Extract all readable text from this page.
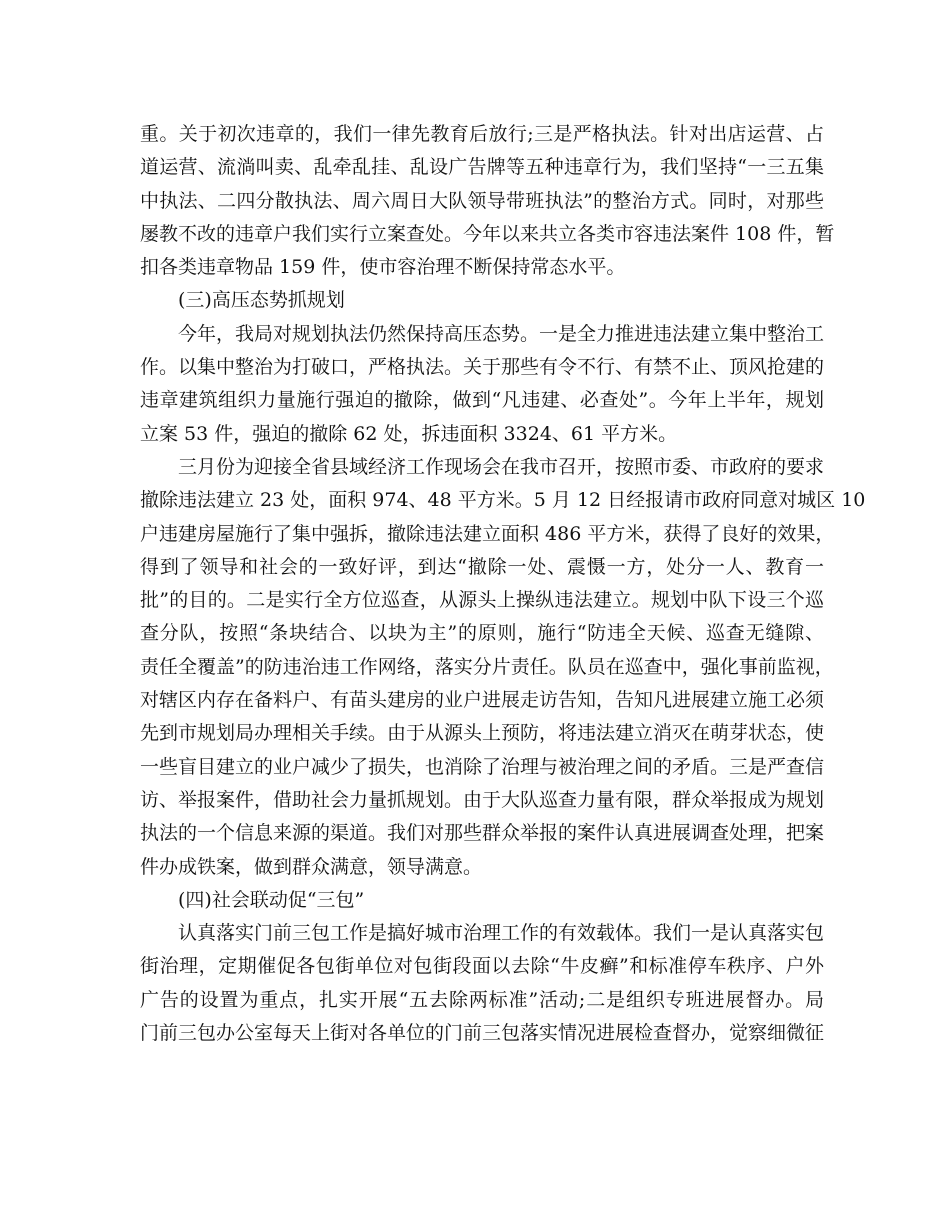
重。关于初次违章的，我们一律先教育后放行;三是严格执法。针对出店运营、占
道运营、流淌叫卖、乱牵乱挂、乱设广告牌等五种违章行为，我们坚持“一三五集
中执法、二四分散执法、周六周日大队领导带班执法”的整治方式。同时，对那些
屡教不改的违章户我们实行立案查处。今年以来共立各类市容违法案件 108 件，暂
扣各类违章物品 159 件，使市容治理不断保持常态水平。
(三)高压态势抓规划
今年，我局对规划执法仍然保持高压态势。一是全力推进违法建立集中整治工
作。以集中整治为打破口，严格执法。关于那些有令不行、有禁不止、顶风抢建的
违章建筑组织力量施行强迫的撤除，做到“凡违建、必查处”。今年上半年，规划
立案 53 件，强迫的撤除 62 处，拆违面积 3324、61 平方米。
三月份为迎接全省县域经济工作现场会在我市召开，按照市委、市政府的要求
撤除违法建立 23 处，面积 974、48 平方米。5 月 12 日经报请市政府同意对城区 10
户违建房屋施行了集中强拆，撤除违法建立面积 486 平方米，获得了良好的效果，
得到了领导和社会的一致好评，到达“撤除一处、震慑一方，处分一人、教育一
批”的目的。二是实行全方位巡查，从源头上操纵违法建立。规划中队下设三个巡
查分队，按照“条块结合、以块为主”的原则，施行“防违全天候、巡查无缝隙、
责任全覆盖”的防违治违工作网络，落实分片责任。队员在巡查中，强化事前监视，
对辖区内存在备料户、有苗头建房的业户进展走访告知，告知凡进展建立施工必须
先到市规划局办理相关手续。由于从源头上预防，将违法建立消灭在萌芽状态，使
一些盲目建立的业户减少了损失，也消除了治理与被治理之间的矛盾。三是严查信
访、举报案件，借助社会力量抓规划。由于大队巡查力量有限，群众举报成为规划
执法的一个信息来源的渠道。我们对那些群众举报的案件认真进展调查处理，把案
件办成铁案，做到群众满意，领导满意。
(四)社会联动促“三包”
认真落实门前三包工作是搞好城市治理工作的有效载体。我们一是认真落实包
街治理，定期催促各包街单位对包街段面以去除“牛皮癣”和标准停车秩序、户外
广告的设置为重点，扎实开展“五去除两标准”活动;二是组织专班进展督办。局
门前三包办公室每天上街对各单位的门前三包落实情况进展检查督办，觉察细微征
